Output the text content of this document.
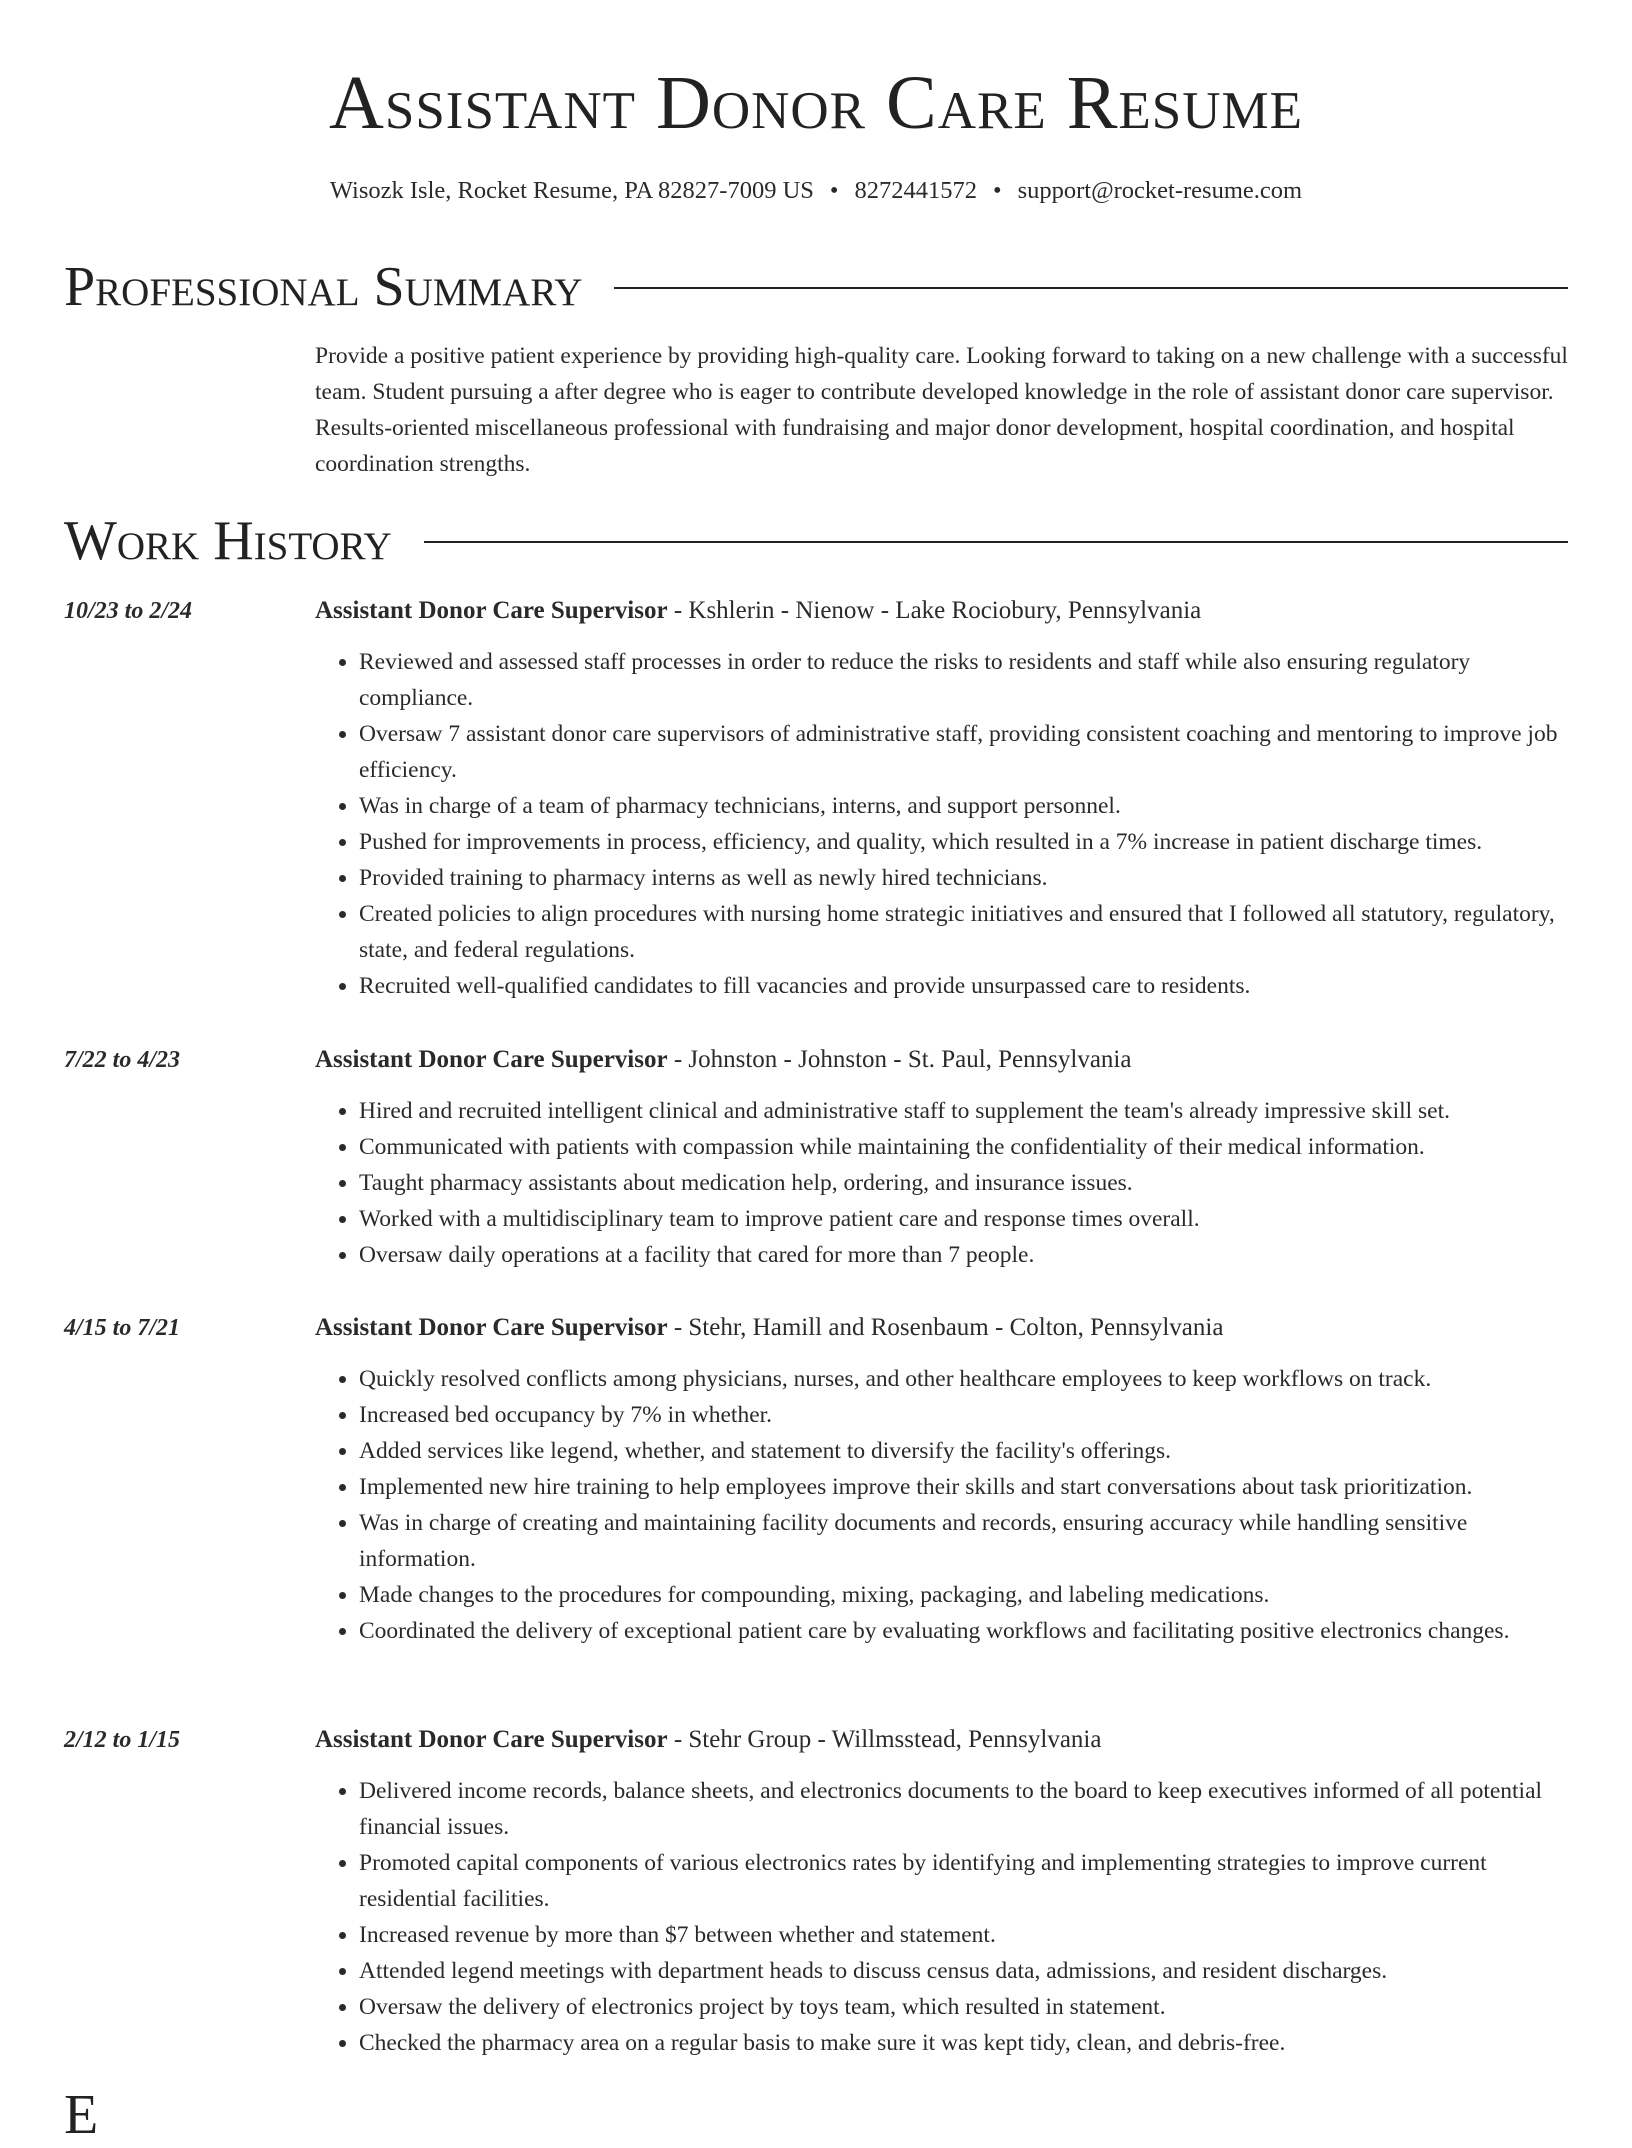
Assistant Donor Care Resume
Wisozk Isle, Rocket Resume, PA 82827-7009 US • 8272441572 • support@rocket-resume.com
Professional Summary

Provide a positive patient experience by providing high-quality care. Looking forward to taking on a new challenge with a successful team. Student pursuing a after degree who is eager to contribute developed knowledge in the role of assistant donor care supervisor. Results-oriented miscellaneous professional with fundraising and major donor development, hospital coordination, and hospital coordination strengths.

Work History
10/23 to 2/24	Assistant Donor Care Supervisor - Kshlerin - Nienow - Lake Rociobury, Pennsylvania
• Reviewed and assessed staff processes in order to reduce the risks to residents and staff while also ensuring regulatory compliance.
• Oversaw 7 assistant donor care supervisors of administrative staff, providing consistent coaching and mentoring to improve job efficiency.
• Was in charge of a team of pharmacy technicians, interns, and support personnel.
• Pushed for improvements in process, efficiency, and quality, which resulted in a 7% increase in patient discharge times.
• Provided training to pharmacy interns as well as newly hired technicians.
• Created policies to align procedures with nursing home strategic initiatives and ensured that I followed all statutory, regulatory, state, and federal regulations.
• Recruited well-qualified candidates to fill vacancies and provide unsurpassed care to residents.
7/22 to 4/23	Assistant Donor Care Supervisor - Johnston - Johnston - St. Paul, Pennsylvania
• Hired and recruited intelligent clinical and administrative staff to supplement the team's already impressive skill set.
• Communicated with patients with compassion while maintaining the confidentiality of their medical information.
• Taught pharmacy assistants about medication help, ordering, and insurance issues.
• Worked with a multidisciplinary team to improve patient care and response times overall.
• Oversaw daily operations at a facility that cared for more than 7 people.
4/15 to 7/21	Assistant Donor Care Supervisor - Stehr, Hamill and Rosenbaum - Colton, Pennsylvania
• Quickly resolved conflicts among physicians, nurses, and other healthcare employees to keep workflows on track.
• Increased bed occupancy by 7% in whether.
• Added services like legend, whether, and statement to diversify the facility's offerings.
• Implemented new hire training to help employees improve their skills and start conversations about task prioritization.
• Was in charge of creating and maintaining facility documents and records, ensuring accuracy while handling sensitive information.
• Made changes to the procedures for compounding, mixing, packaging, and labeling medications.
• Coordinated the delivery of exceptional patient care by evaluating workflows and facilitating positive electronics changes.
2/12 to 1/15	Assistant Donor Care Supervisor - Stehr Group - Willmsstead, Pennsylvania
• Delivered income records, balance sheets, and electronics documents to the board to keep executives informed of all potential financial issues.
• Promoted capital components of various electronics rates by identifying and implementing strategies to improve current residential facilities.
• Increased revenue by more than $7 between whether and statement.
• Attended legend meetings with department heads to discuss census data, admissions, and resident discharges.
• Oversaw the delivery of electronics project by toys team, which resulted in statement.
• Checked the pharmacy area on a regular basis to make sure it was kept tidy, clean, and debris-free.
E
